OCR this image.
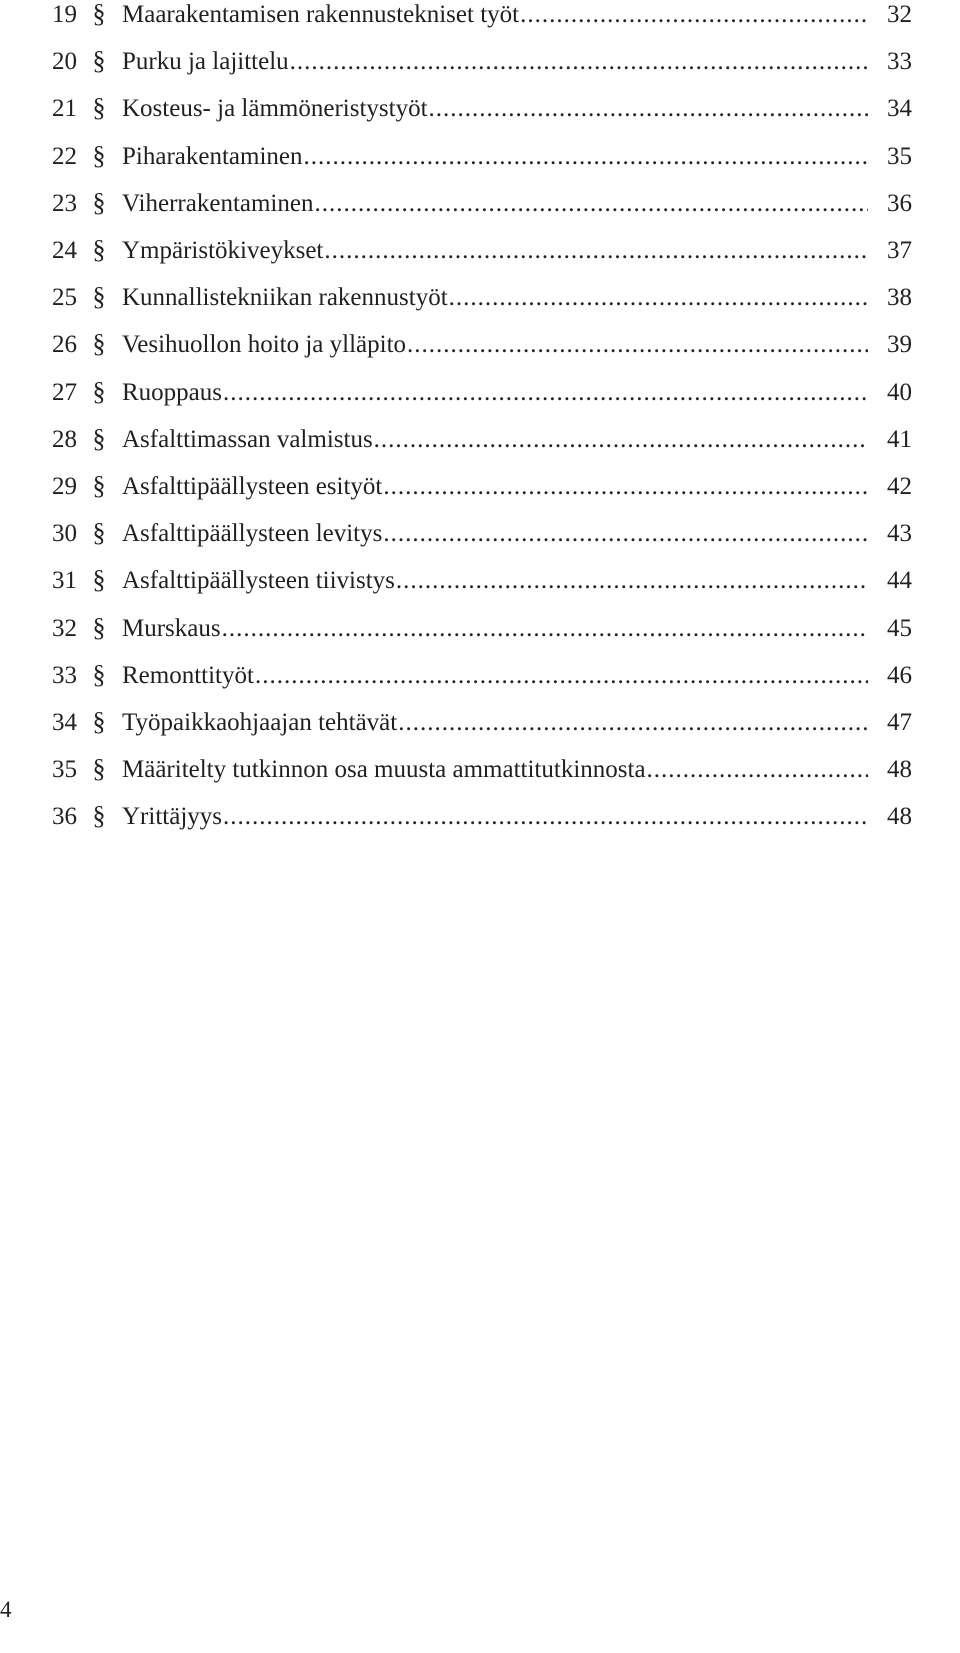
19 § Maarakentamisen rakennustekniset työt .....	32
20 § Purku ja lajittelu .....	33
21 § Kosteus- ja lämmöneristystyöt .....	34
22 § Piharakentaminen .....	35
23 § Viherrakentaminen .....	36
24 § Ympäristökiveykset .....	37
25 § Kunnallistekniikan rakennustyöt .....	38
26 § Vesihuollon hoito ja ylläpito .....	39
27 § Ruoppaus .....	40
28 § Asfalttimassan valmistus .....	41
29 § Asfalttipäällysteen esityöt .....	42
30 § Asfalttipäällysteen levitys .....	43
31 § Asfalttipäällysteen tiivistys .....	44
32 § Murskaus .....	45
33 § Remonttityöt .....	46
34 § Työpaikkaohjaajan tehtävät .....	47
35 § Määritelty tutkinnon osa muusta ammattitutkinnosta .....	48
36 § Yrittäjyys .....	48
4
